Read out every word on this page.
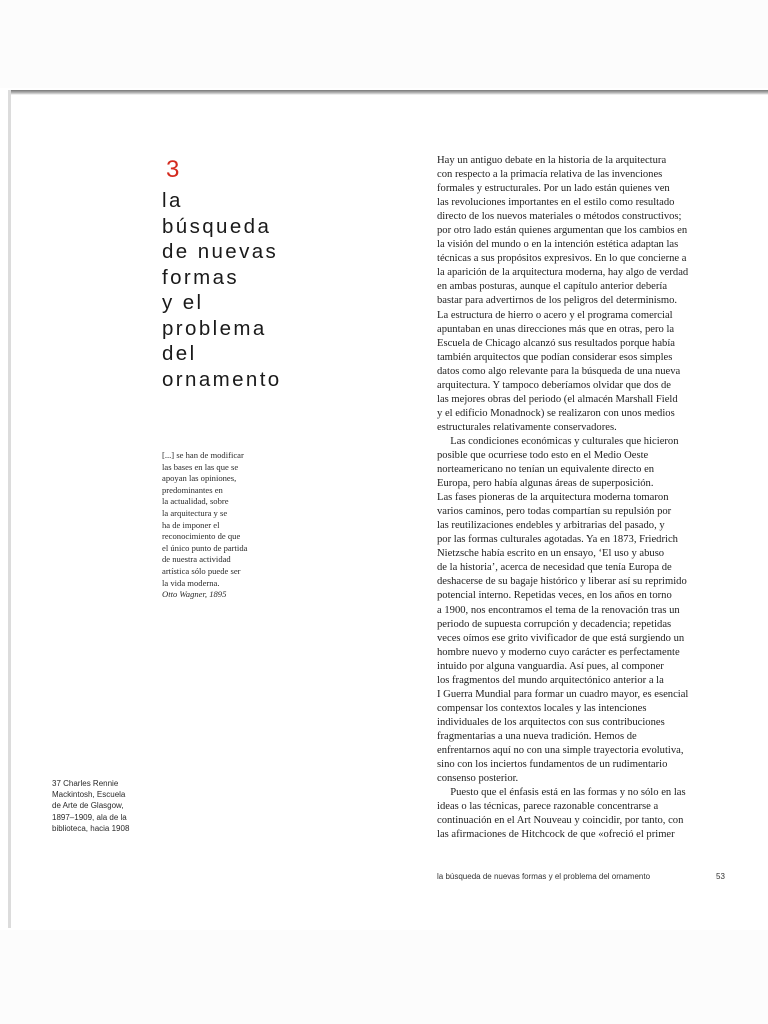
3
la
búsqueda
de nuevas
formas
y el
problema
del
ornamento
[...] se han de modificar
las bases en las que se
apoyan las opiniones,
predominantes en
la actualidad, sobre
la arquitectura y se
ha de imponer el
reconocimiento de que
el único punto de partida
de nuestra actividad
artística sólo puede ser
la vida moderna.
Otto Wagner, 1895
37 Charles Rennie
Mackintosh, Escuela
de Arte de Glasgow,
1897–1909, ala de la
biblioteca, hacia 1908
Hay un antiguo debate en la historia de la arquitectura
con respecto a la primacía relativa de las invenciones
formales y estructurales. Por un lado están quienes ven
las revoluciones importantes en el estilo como resultado
directo de los nuevos materiales o métodos constructivos;
por otro lado están quienes argumentan que los cambios en
la visión del mundo o en la intención estética adaptan las
técnicas a sus propósitos expresivos. En lo que concierne a
la aparición de la arquitectura moderna, hay algo de verdad
en ambas posturas, aunque el capítulo anterior debería
bastar para advertirnos de los peligros del determinismo.
La estructura de hierro o acero y el programa comercial
apuntaban en unas direcciones más que en otras, pero la
Escuela de Chicago alcanzó sus resultados porque había
también arquitectos que podían considerar esos simples
datos como algo relevante para la búsqueda de una nueva
arquitectura. Y tampoco deberíamos olvidar que dos de
las mejores obras del periodo (el almacén Marshall Field
y el edificio Monadnock) se realizaron con unos medios
estructurales relativamente conservadores.
Las condiciones económicas y culturales que hicieron
posible que ocurriese todo esto en el Medio Oeste
norteamericano no tenían un equivalente directo en
Europa, pero había algunas áreas de superposición.
Las fases pioneras de la arquitectura moderna tomaron
varios caminos, pero todas compartían su repulsión por
las reutilizaciones endebles y arbitrarias del pasado, y
por las formas culturales agotadas. Ya en 1873, Friedrich
Nietzsche había escrito en un ensayo, ‘El uso y abuso
de la historia’, acerca de necesidad que tenía Europa de
deshacerse de su bagaje histórico y liberar así su reprimido
potencial interno. Repetidas veces, en los años en torno
a 1900, nos encontramos el tema de la renovación tras un
periodo de supuesta corrupción y decadencia; repetidas
veces oímos ese grito vivificador de que está surgiendo un
hombre nuevo y moderno cuyo carácter es perfectamente
intuido por alguna vanguardia. Así pues, al componer
los fragmentos del mundo arquitectónico anterior a la
I Guerra Mundial para formar un cuadro mayor, es esencial
compensar los contextos locales y las intenciones
individuales de los arquitectos con sus contribuciones
fragmentarias a una nueva tradición. Hemos de
enfrentarnos aquí no con una simple trayectoria evolutiva,
sino con los inciertos fundamentos de un rudimentario
consenso posterior.
Puesto que el énfasis está en las formas y no sólo en las
ideas o las técnicas, parece razonable concentrarse a
continuación en el Art Nouveau y coincidir, por tanto, con
las afirmaciones de Hitchcock de que «ofreció el primer
la búsqueda de nuevas formas y el problema del ornamento	53
